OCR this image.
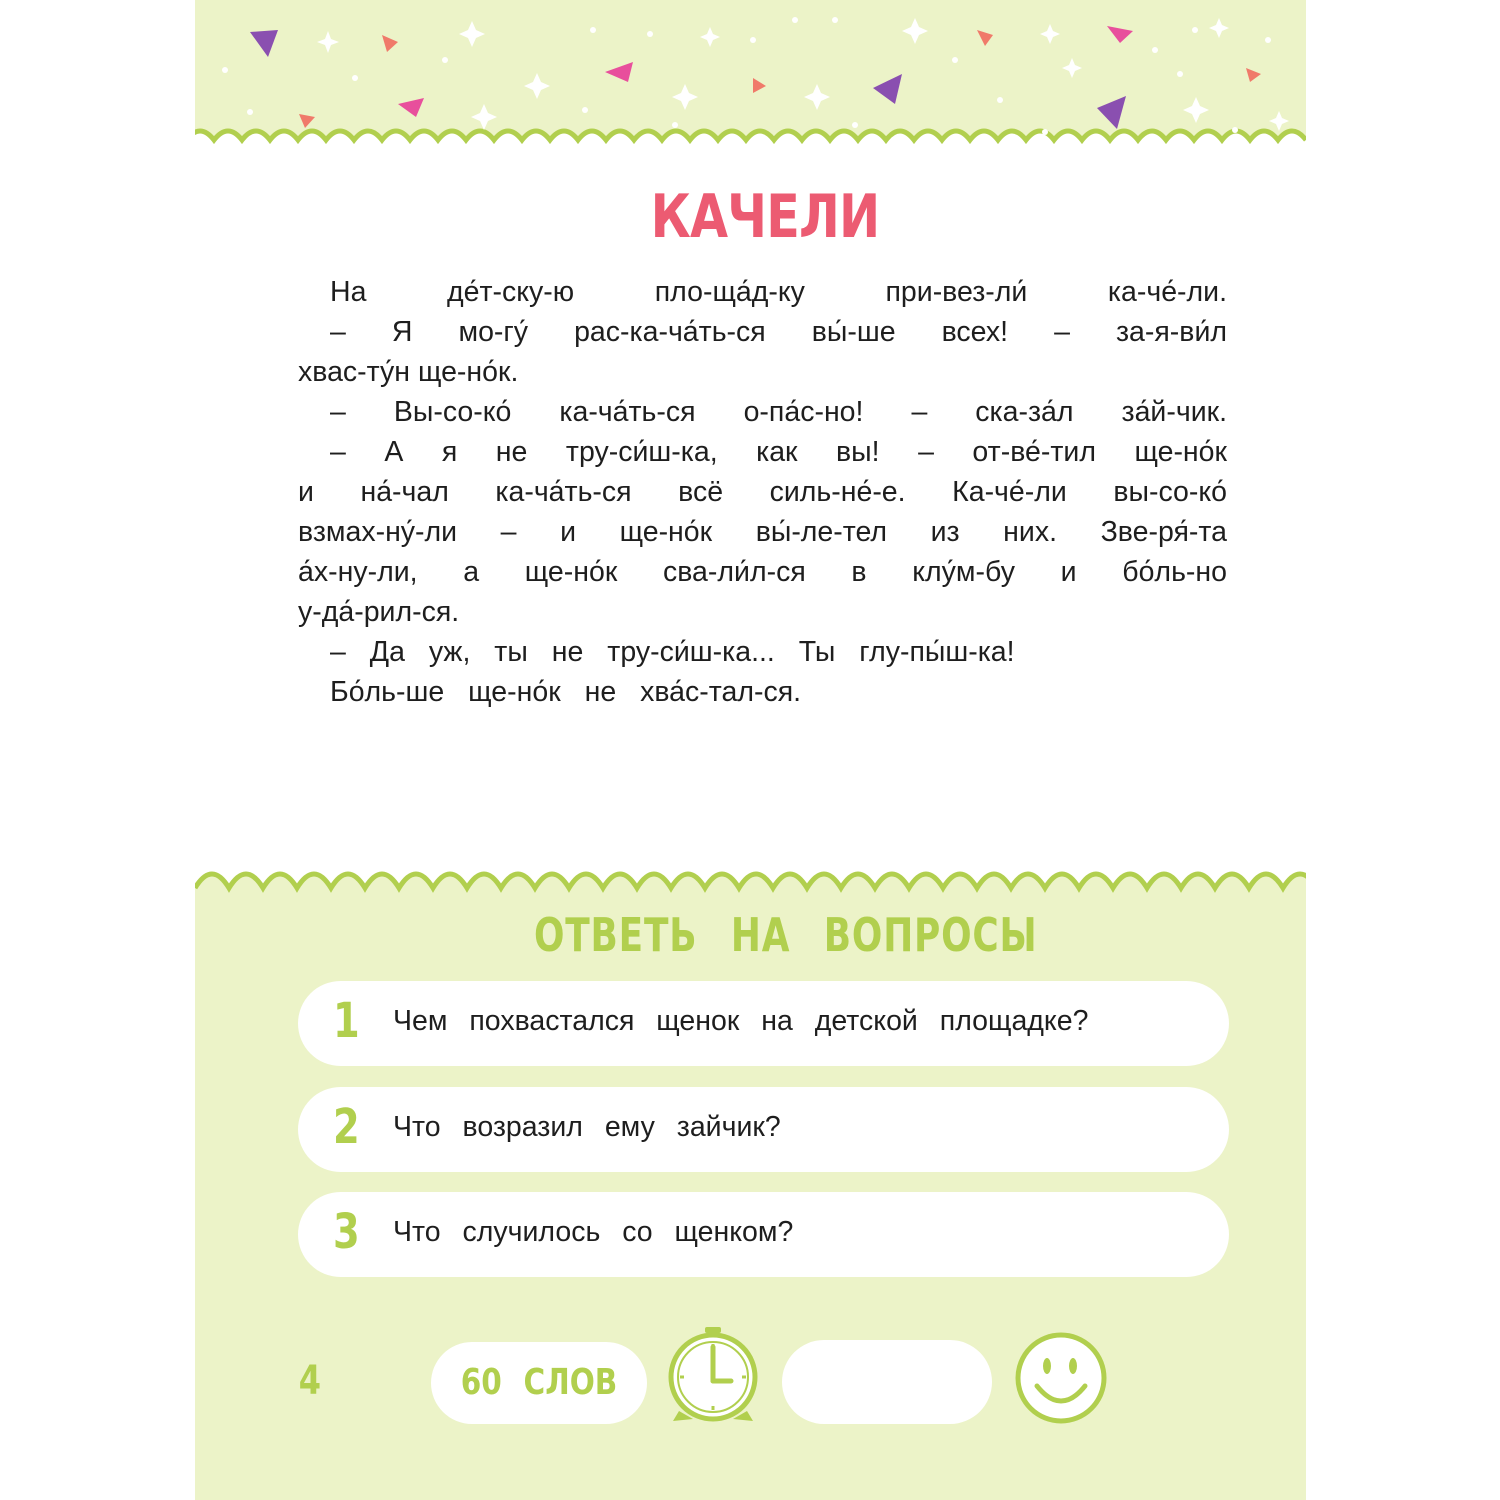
КАЧЕЛИ
На де́т-ску-ю пло-ща́д-ку при-вез-ли́ ка-че́-ли.
– Я мо-гу́ рас-ка-ча́ть-ся вы́-ше всех! – за-я-ви́л
хвас-ту́н ще-но́к.
– Вы-со-ко́ ка-ча́ть-ся о-па́с-но! – ска-за́л за́й-чик.
– А я не тру-си́ш-ка, как вы! – от-ве́-тил ще-но́к
и на́-чал ка-ча́ть-ся всё силь-не́-е. Ка-че́-ли вы-со-ко́
взмах-ну́-ли – и ще-но́к вы́-ле-тел из них. Зве-ря́-та
а́х-ну-ли, а ще-но́к сва-ли́л-ся в клу́м-бу и бо́ль-но
у-да́-рил-ся.
– Да уж, ты не тру-си́ш-ка... Ты глу-пы́ш-ка!
Бо́ль-ше ще-но́к не хва́с-тал-ся.
ОТВЕТЬ НА ВОПРОСЫ
1 Чем похвастался щенок на детской площадке?
2 Что возразил ему зайчик?
3 Что случилось со щенком?
4	60 СЛОВ
